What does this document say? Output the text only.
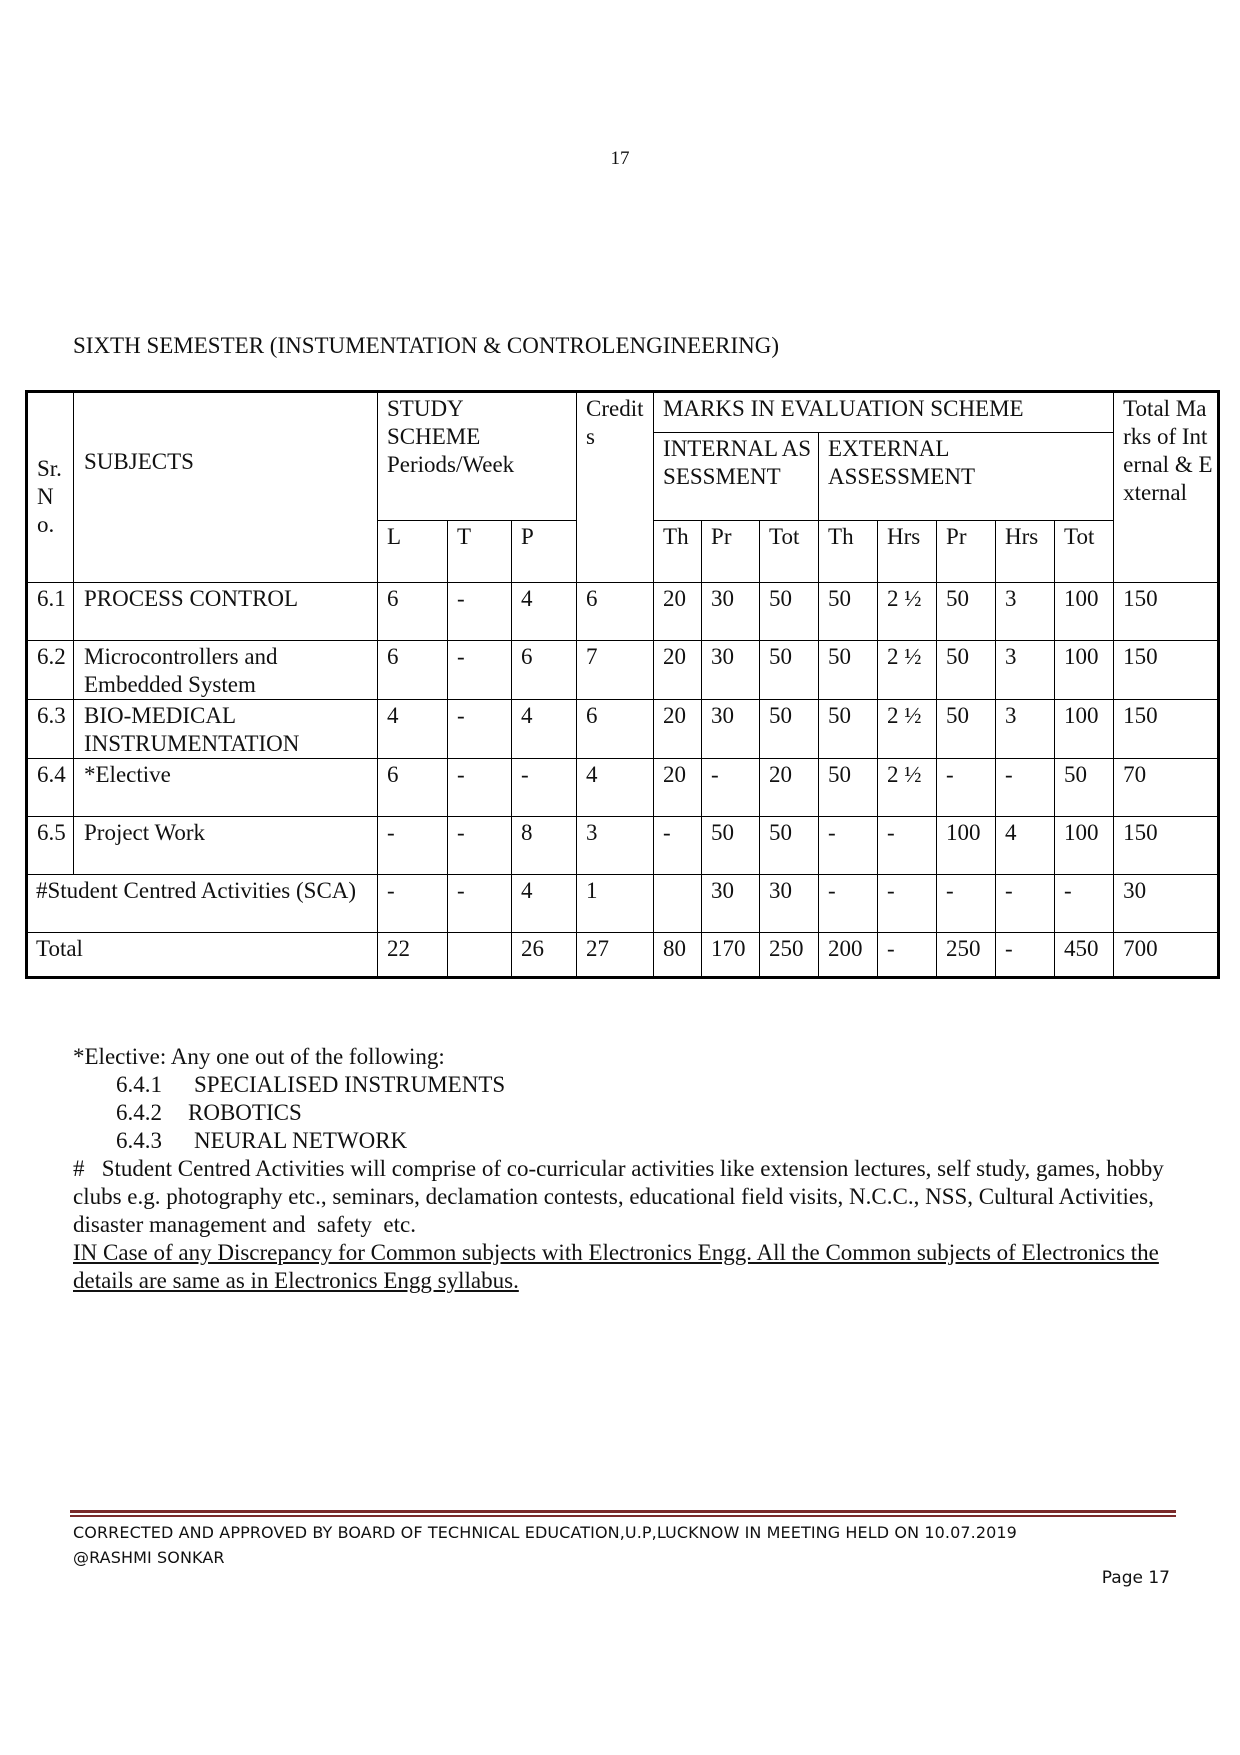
17
SIXTH SEMESTER (INSTUMENTATION & CONTROLENGINEERING)
Sr. No.	SUBJECTS	STUDY SCHEME Periods/Week			Credits	MARKS IN EVALUATION SCHEME								Total Marks of Internal & External
						INTERNAL ASSESSMENT			EXTERNAL ASSESSMENT					
		L	T	P		Th	Pr	Tot	Th	Hrs	Pr	Hrs	Tot	
6.1	PROCESS CONTROL	6	-	4	6	20	30	50	50	2 ½	50	3	100	150
6.2	Microcontrollers and Embedded System	6	-	6	7	20	30	50	50	2 ½	50	3	100	150
6.3	BIO-MEDICAL INSTRUMENTATION	4	-	4	6	20	30	50	50	2 ½	50	3	100	150
6.4	*Elective	6	-	-	4	20	-	20	50	2 ½	-	-	50	70
6.5	Project Work	-	-	8	3	-	50	50	-	-	100	4	100	150
#Student Centred Activities (SCA)		-	-	4	1		30	30	-	-	-	-	-	30
Total		22		26	27	80	170	250	200	-	250	-	450	700
*Elective: Any one out of the following:
6.4.1 SPECIALISED INSTRUMENTS
6.4.2 ROBOTICS
6.4.3 NEURAL NETWORK
#   Student Centred Activities will comprise of co-curricular activities like extension lectures, self study, games, hobby clubs e.g. photography etc., seminars, declamation contests, educational field visits, N.C.C., NSS, Cultural Activities, disaster management and  safety  etc.
IN Case of any Discrepancy for Common subjects with Electronics Engg. All the Common subjects of Electronics the details are same as in Electronics Engg syllabus.
CORRECTED AND APPROVED BY BOARD OF TECHNICAL EDUCATION,U.P,LUCKNOW IN MEETING HELD ON 10.07.2019
@RASHMI SONKAR
Page 17
